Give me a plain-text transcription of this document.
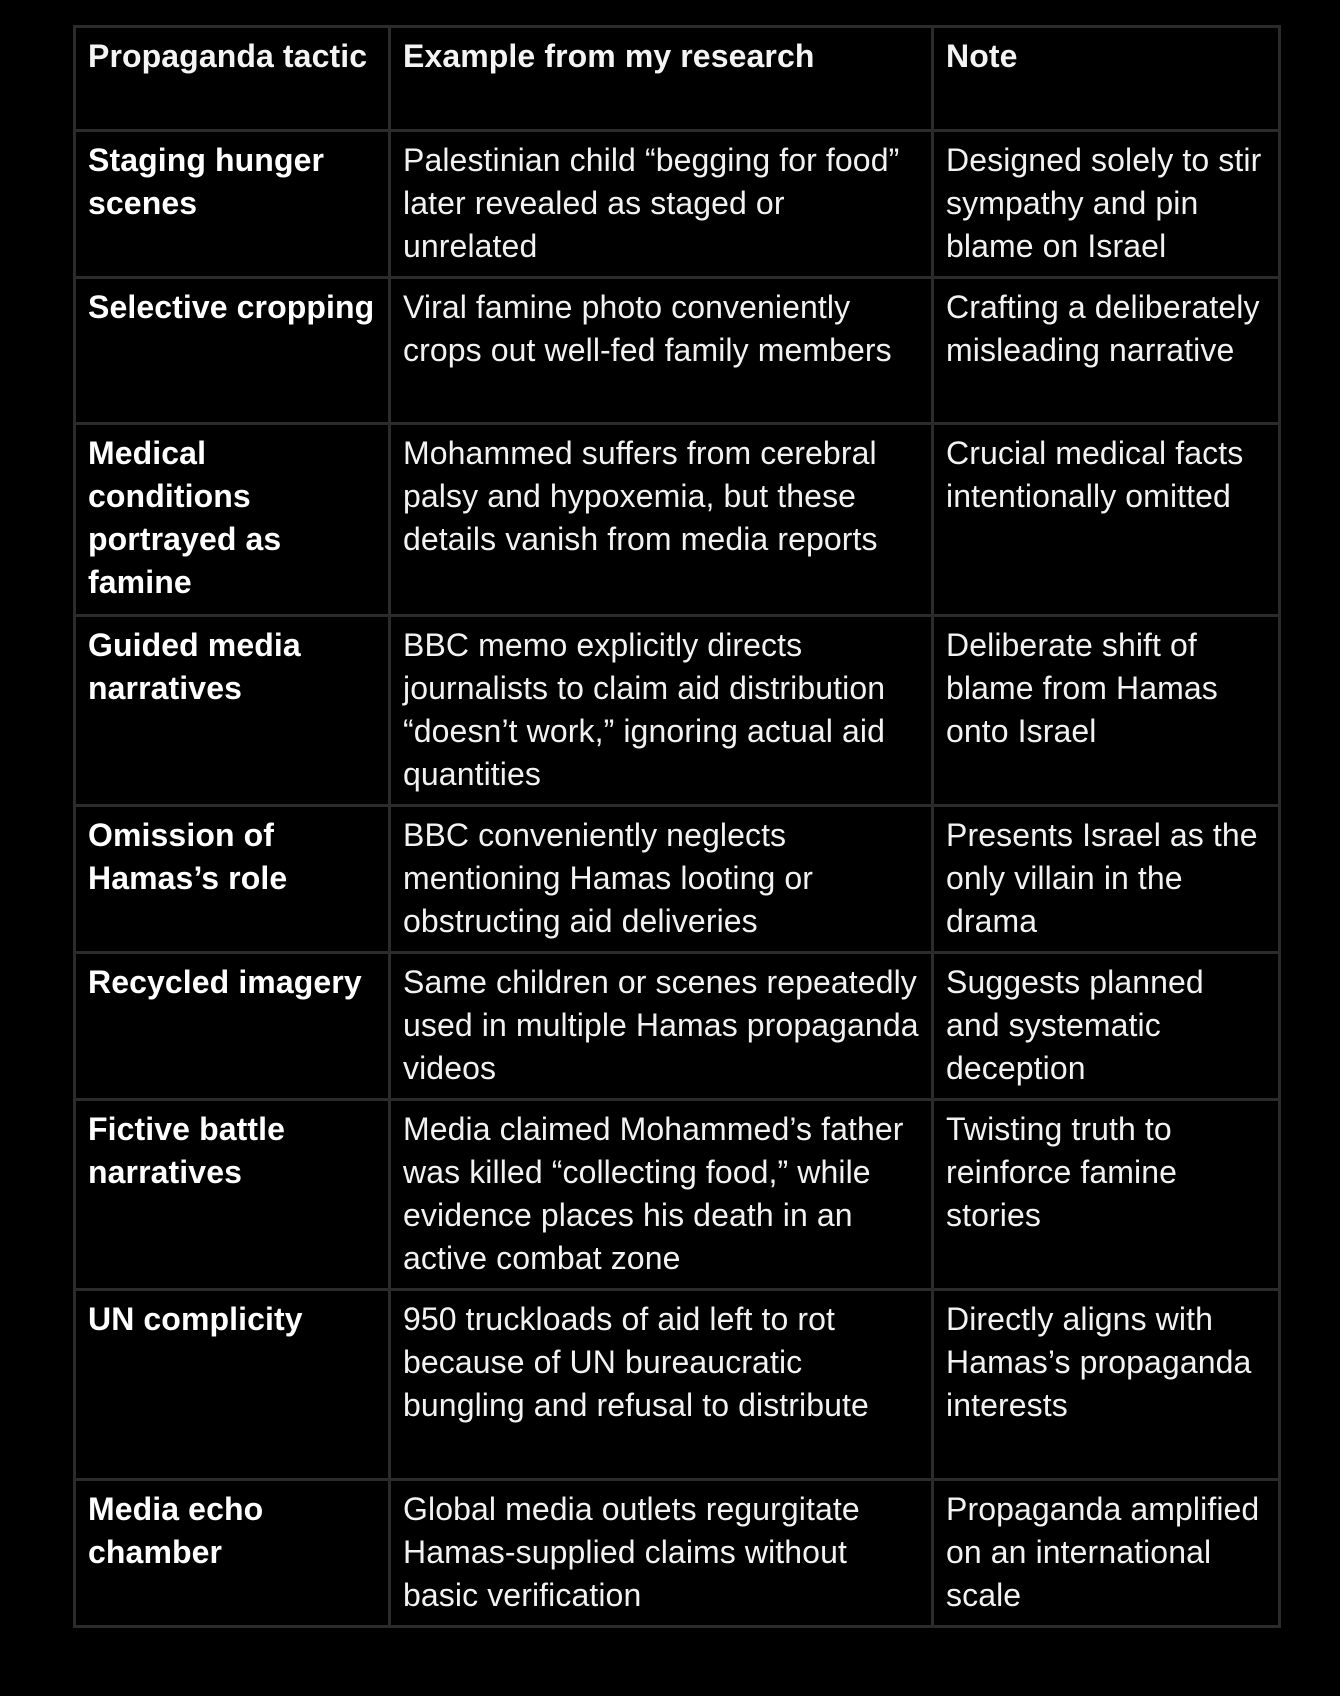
Propaganda tactic	Example from my research	Note
Staging hunger scenes	Palestinian child “begging for food” later revealed as staged or unrelated	Designed solely to stir sympathy and pin blame on Israel
Selective cropping	Viral famine photo conveniently crops out well-fed family members	Crafting a deliberately misleading narrative
Medical conditions portrayed as famine	Mohammed suffers from cerebral palsy and hypoxemia, but these details vanish from media reports	Crucial medical facts intentionally omitted
Guided media narratives	BBC memo explicitly directs journalists to claim aid distribution “doesn’t work,” ignoring actual aid quantities	Deliberate shift of blame from Hamas onto Israel
Omission of Hamas’s role	BBC conveniently neglects mentioning Hamas looting or obstructing aid deliveries	Presents Israel as the only villain in the drama
Recycled imagery	Same children or scenes repeatedly used in multiple Hamas propaganda videos	Suggests planned and systematic deception
Fictive battle narratives	Media claimed Mohammed’s father was killed “collecting food,” while evidence places his death in an active combat zone	Twisting truth to reinforce famine stories
UN complicity	950 truckloads of aid left to rot because of UN bureaucratic bungling and refusal to distribute	Directly aligns with Hamas’s propaganda interests
Media echo chamber	Global media outlets regurgitate Hamas-supplied claims without basic verification	Propaganda amplified on an international scale
